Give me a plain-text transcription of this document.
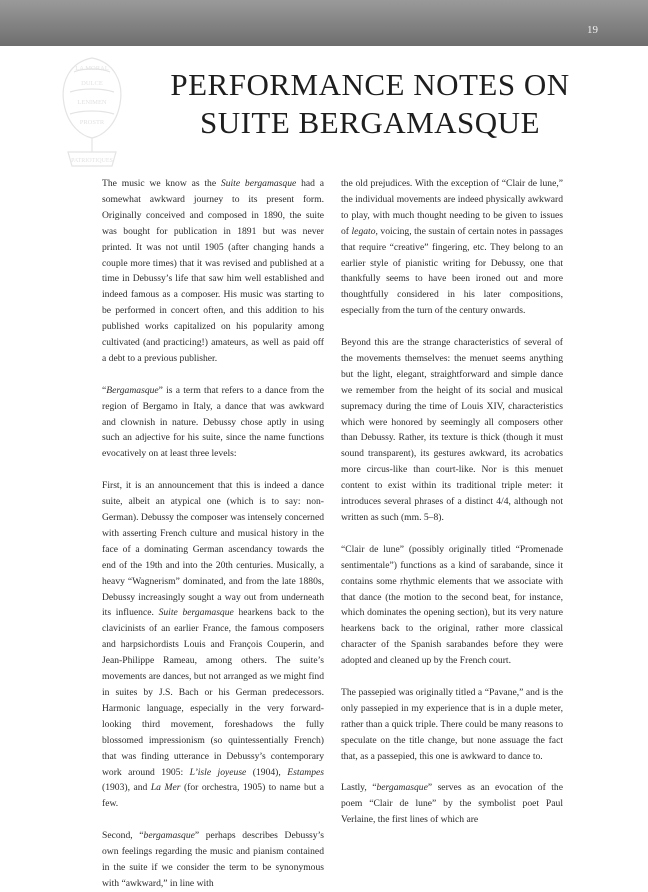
19
LA MORAL
DULCE
LENIMEN
PROSTR
PATRIOTIQUES
PERFORMANCE NOTES ON
SUITE BERGAMASQUE

The music we know as the Suite bergamasque had a somewhat awkward journey to its present form. Originally conceived and composed in 1890, the suite was bought for publication in 1891 but was never printed. It was not until 1905 (after changing hands a couple more times) that it was revised and published at a time in Debussy’s life that saw him well established and indeed famous as a composer. His music was starting to be performed in concert often, and this addition to his published works capitalized on his popularity among cultivated (and practicing!) amateurs, as well as paid off a debt to a previous publisher.

“Bergamasque” is a term that refers to a dance from the region of Bergamo in Italy, a dance that was awkward and clownish in nature. Debussy chose aptly in using such an adjective for his suite, since the name functions evocatively on at least three levels:

First, it is an announcement that this is indeed a dance suite, albeit an atypical one (which is to say: non-German). Debussy the composer was intensely concerned with asserting French culture and musical history in the face of a dominating German ascendancy towards the end of the 19th and into the 20th centuries. Musically, a heavy “Wagnerism” dominated, and from the late 1880s, Debussy increasingly sought a way out from underneath its influence. Suite bergamasque hearkens back to the clavicinists of an earlier France, the famous composers and harpsichordists Louis and François Couperin, and Jean-Philippe Rameau, among others. The suite’s movements are dances, but not arranged as we might find in suites by J.S. Bach or his German predecessors. Harmonic language, especially in the very forward-looking third movement, foreshadows the fully blossomed impressionism (so quintessentially French) that was finding utterance in Debussy’s contemporary work around 1905: L’isle joyeuse (1904), Estampes (1903), and La Mer (for orchestra, 1905) to name but a few.

Second, “bergamasque” perhaps describes Debussy’s own feelings regarding the music and pianism contained in the suite if we consider the term to be synonymous with “awkward,” in line with

the old prejudices. With the exception of “Clair de lune,” the individual movements are indeed physically awkward to play, with much thought needing to be given to issues of legato, voicing, the sustain of certain notes in passages that require “creative” fingering, etc. They belong to an earlier style of pianistic writing for Debussy, one that thankfully seems to have been ironed out and more thoughtfully considered in his later compositions, especially from the turn of the century onwards.

Beyond this are the strange characteristics of several of the movements themselves: the menuet seems anything but the light, elegant, straightforward and simple dance we remember from the height of its social and musical supremacy during the time of Louis XIV, characteristics which were honored by seemingly all composers other than Debussy. Rather, its texture is thick (though it must sound transparent), its gestures awkward, its acrobatics more circus-like than court-like. Nor is this menuet content to exist within its traditional triple meter: it introduces several phrases of a distinct 4/4, although not written as such (mm. 5–8).

“Clair de lune” (possibly originally titled “Promenade sentimentale”) functions as a kind of sarabande, since it contains some rhythmic elements that we associate with that dance (the motion to the second beat, for instance, which dominates the opening section), but its very nature hearkens back to the original, rather more classical character of the Spanish sarabandes before they were adopted and cleaned up by the French court.

The passepied was originally titled a “Pavane,” and is the only passepied in my experience that is in a duple meter, rather than a quick triple. There could be many reasons to speculate on the title change, but none assuage the fact that, as a passepied, this one is awkward to dance to.

Lastly, “bergamasque” serves as an evocation of the poem “Clair de lune” by the symbolist poet Paul Verlaine, the first lines of which are
